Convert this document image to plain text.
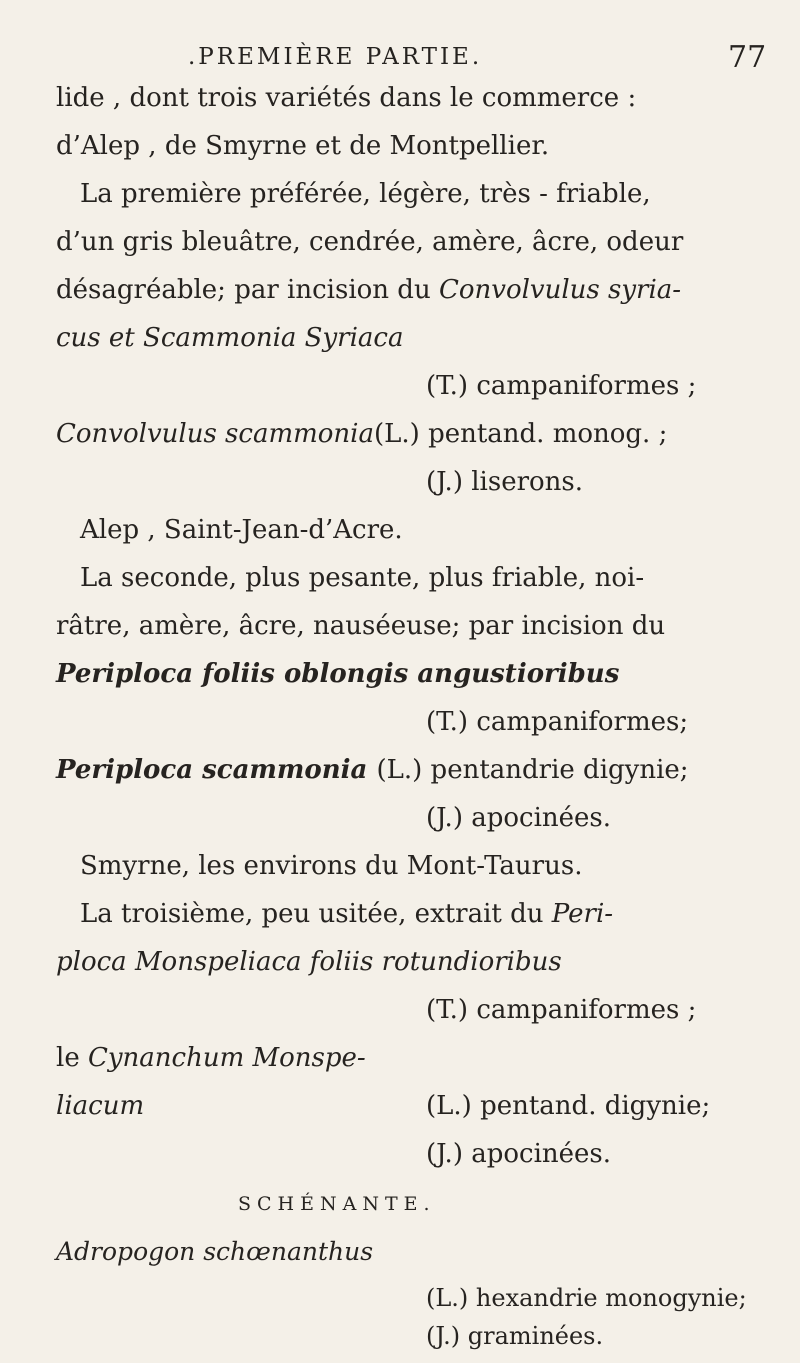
.PREMIÈRE PARTIE.	77
lide , dont trois variétés dans le commerce :
d’Alep , de Smyrne et de Montpellier.
La première préférée, légère, très - friable,
d’un gris bleuâtre, cendrée, amère, âcre, odeur
désagréable; par incision du Convolvulus syria-
cus et Scammonia Syriaca
(T.) campaniformes ;
Convolvulus scammonia(L.) pentand. monog. ;
(J.) liserons.
Alep , Saint-Jean-d’Acre.
La seconde, plus pesante, plus friable, noi-
râtre, amère, âcre, nauséeuse; par incision du
Periploca foliis oblongis angustioribus
(T.) campaniformes;
Periploca scammonia (L.) pentandrie digynie;
(J.) apocinées.
Smyrne, les environs du Mont-Taurus.
La troisième, peu usitée, extrait du Peri-
ploca Monspeliaca foliis rotundioribus
(T.) campaniformes ;
le Cynanchum Monspe-
liacum	(L.) pentand. digynie;
(J.) apocinées.
SCHÉNANTE.
Adropogon schœnanthus
(L.) hexandrie monogynie;
(J.) graminées.
